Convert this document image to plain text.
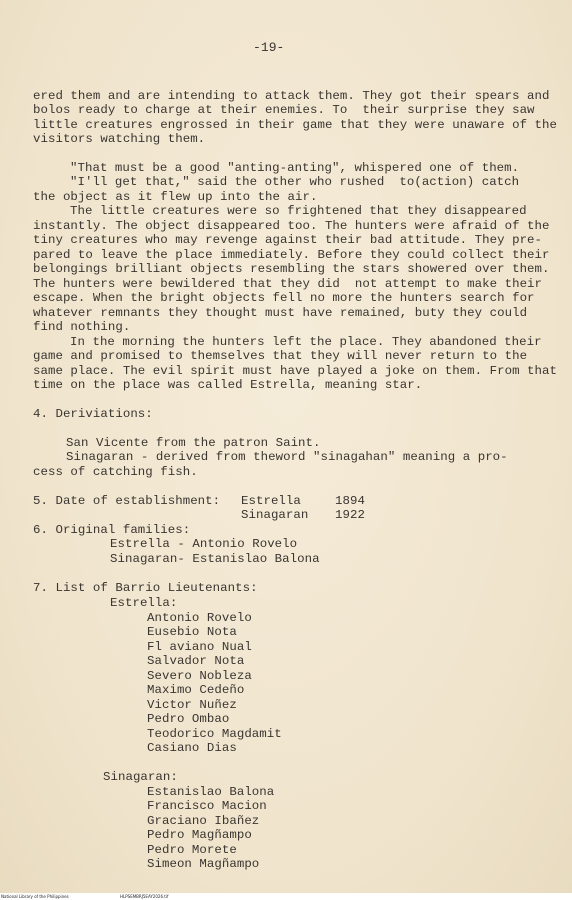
-19-
ered them and are intending to attack them. They got their spears and
bolos ready to charge at their enemies. To  their surprise they saw
little creatures engrossed in their game that they were unaware of the
visitors watching them.
"That must be a good "anting-anting", whispered one of them.
"I'll get that," said the other who rushed  to(action) catch
the object as it flew up into the air.
The little creatures were so frightened that they disappeared
instantly. The object disappeared too. The hunters were afraid of the
tiny creatures who may revenge against their bad attitude. They pre-
pared to leave the place immediately. Before they could collect their
belongings brilliant objects resembling the stars showered over them.
The hunters were bewildered that they did  not attempt to make their
escape. When the bright objects fell no more the hunters search for
whatever remnants they thought must have remained, buty they could
find nothing.
In the morning the hunters left the place. They abandoned their
game and promised to themselves that they will never return to the
same place. The evil spirit must have played a joke on them. From that
time on the place was called Estrella, meaning star.
4. Deriviations:
San Vicente from the patron Saint.
Sinagaran - derived from theword "sinagahan" meaning a pro-
cess of catching fish.
5. Date of establishment: Estrella	1894
Sinagaran 1922
6. Original families:
Estrella - Antonio Rovelo
Sinagaran- Estanislao Balona
7. List of Barrio Lieutenants:
Estrella:
Antonio Rovelo
Eusebio Nota
Fl aviano Nual
Salvador Nota
Severo Nobleza
Maximo Cedeño
Victor Nuñez
Pedro Ombao
Teodorico Magdamit
Casiano Dias
Sinagaran:
Estanislao Balona
Francisco Macion
Graciano Ibañez
Pedro Magñampo
Pedro Morete
Simeon Magñampo
National Library of the Philippines	HLPSEMBRJ5EAY2026.tif
